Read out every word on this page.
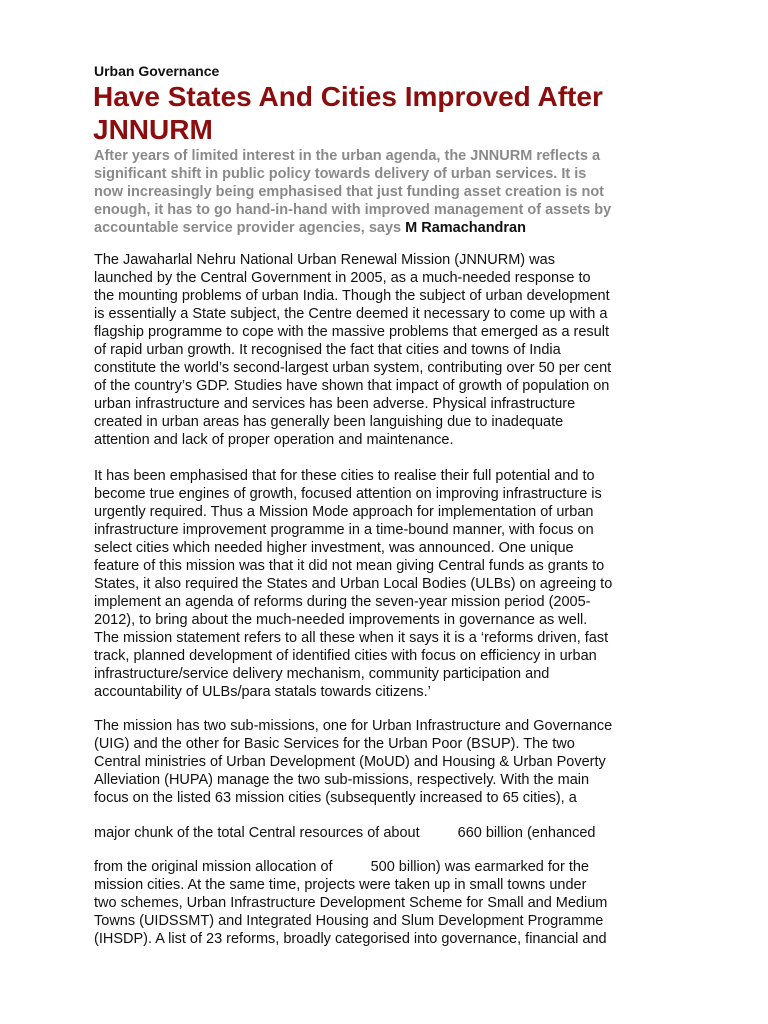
Urban Governance
Have States And Cities Improved After
JNNURM
After years of limited interest in the urban agenda, the JNNURM reflects a
significant shift in public policy towards delivery of urban services. It is
now increasingly being emphasised that just funding asset creation is not
enough, it has to go hand-in-hand with improved management of assets by
accountable service provider agencies, says M Ramachandran
The Jawaharlal Nehru National Urban Renewal Mission (JNNURM) was
launched by the Central Government in 2005, as a much-needed response to
the mounting problems of urban India. Though the subject of urban development
is essentially a State subject, the Centre deemed it necessary to come up with a
flagship programme to cope with the massive problems that emerged as a result
of rapid urban growth. It recognised the fact that cities and towns of India
constitute the world’s second-largest urban system, contributing over 50 per cent
of the country’s GDP. Studies have shown that impact of growth of population on
urban infrastructure and services has been adverse. Physical infrastructure
created in urban areas has generally been languishing due to inadequate
attention and lack of proper operation and maintenance.
It has been emphasised that for these cities to realise their full potential and to
become true engines of growth, focused attention on improving infrastructure is
urgently required. Thus a Mission Mode approach for implementation of urban
infrastructure improvement programme in a time-bound manner, with focus on
select cities which needed higher investment, was announced. One unique
feature of this mission was that it did not mean giving Central funds as grants to
States, it also required the States and Urban Local Bodies (ULBs) on agreeing to
implement an agenda of reforms during the seven-year mission period (2005-
2012), to bring about the much-needed improvements in governance as well.
The mission statement refers to all these when it says it is a ‘reforms driven, fast
track, planned development of identified cities with focus on efficiency in urban
infrastructure/service delivery mechanism, community participation and
accountability of ULBs/para statals towards citizens.’
The mission has two sub-missions, one for Urban Infrastructure and Governance
(UIG) and the other for Basic Services for the Urban Poor (BSUP). The two
Central ministries of Urban Development (MoUD) and Housing & Urban Poverty
Alleviation (HUPA) manage the two sub-missions, respectively. With the main
focus on the listed 63 mission cities (subsequently increased to 65 cities), a
major chunk of the total Central resources of about	660 billion (enhanced
from the original mission allocation of	500 billion) was earmarked for the
mission cities. At the same time, projects were taken up in small towns under
two schemes, Urban Infrastructure Development Scheme for Small and Medium
Towns (UIDSSMT) and Integrated Housing and Slum Development Programme
(IHSDP). A list of 23 reforms, broadly categorised into governance, financial and
